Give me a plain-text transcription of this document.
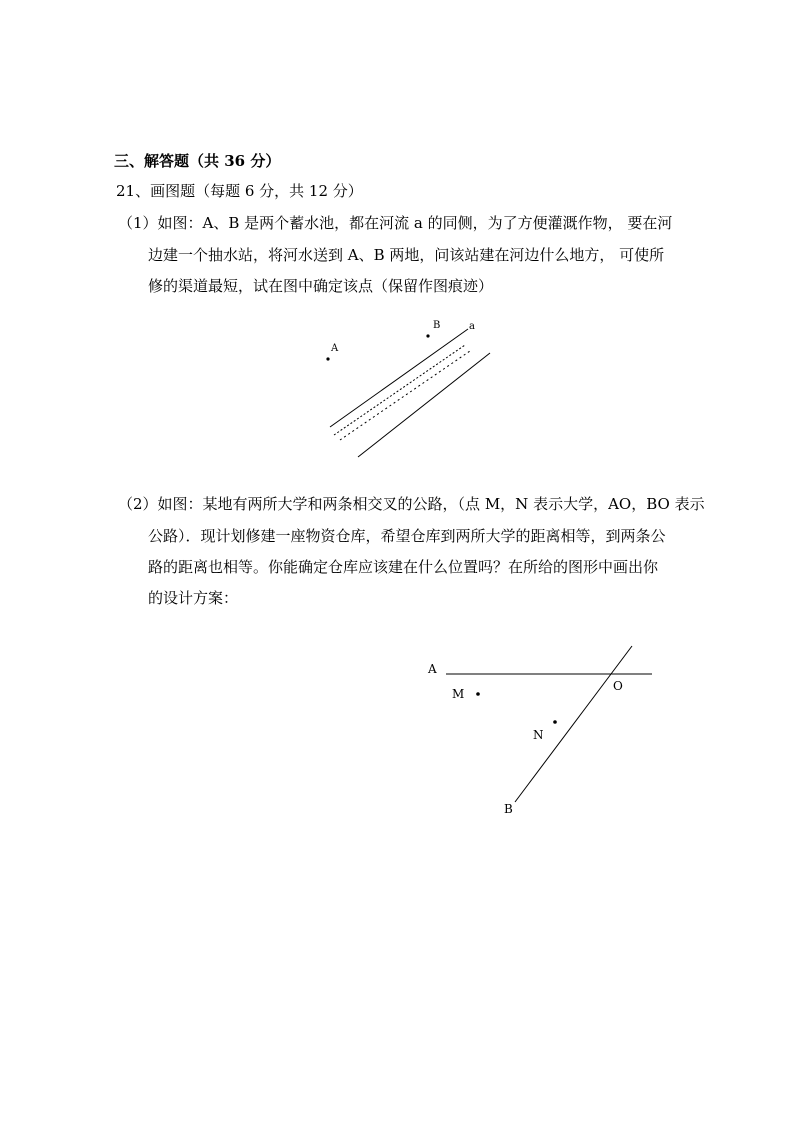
三、解答题（共 36 分）
21、画图题（每题 6 分，共 12 分）
（1）如图：A、B 是两个蓄水池，都在河流 a 的同侧，为了方便灌溉作物， 要在河
边建一个抽水站，将河水送到 A、B 两地，问该站建在河边什么地方， 可使所
修的渠道最短，试在图中确定该点（保留作图痕迹）
A
B	a
（2）如图：某地有两所大学和两条相交叉的公路，（点 M，N 表示大学，AO，BO 表示
公路）．现计划修建一座物资仓库，希望仓库到两所大学的距离相等，到两条公
路的距离也相等。你能确定仓库应该建在什么位置吗？在所给的图形中画出你
的设计方案：
A
O
M
N
B
